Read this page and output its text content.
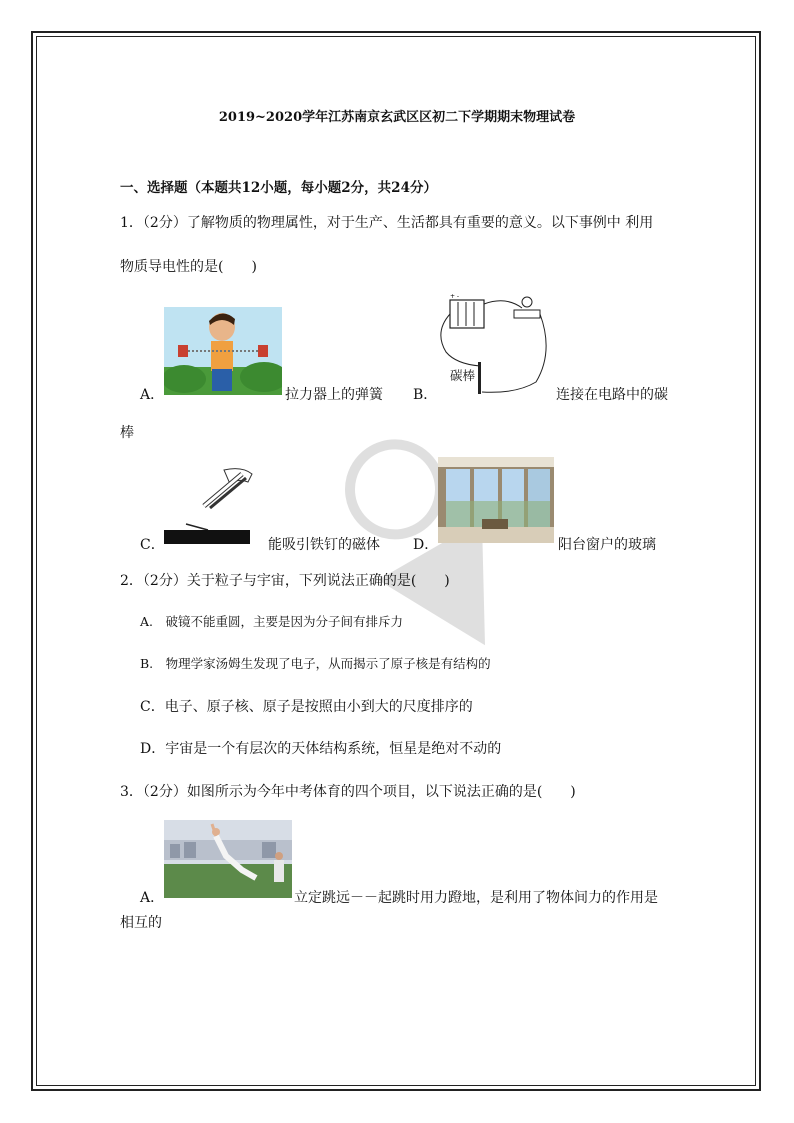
2019~2020学年江苏南京玄武区区初二下学期期末物理试卷
一、选择题（本题共12小题，每小题2分，共24分）
1．（2分）了解物质的物理属性，对于生产、生活都具有重要的意义。以下事例中 利用
物质导电性的是(　　)
A．	拉力器上的弹簧
+ -
碳棒
B．	连接在电路中的碳
棒
C．	能吸引铁钉的磁体 D．	阳台窗户的玻璃
2．（2分）关于粒子与宇宙，下列说法正确的是(　　)
A.　破镜不能重圆，主要是因为分子间有排斥力
B.　物理学家汤姆生发现了电子，从而揭示了原子核是有结构的
C．电子、原子核、原子是按照由小到大的尺度排序的
D．宇宙是一个有层次的天体结构系统，恒星是绝对不动的
3．（2分）如图所示为今年中考体育的四个项目，以下说法正确的是(　　)
A．	立定跳远－－起跳时用力蹬地，是利用了物体间力的作用是
相互的
